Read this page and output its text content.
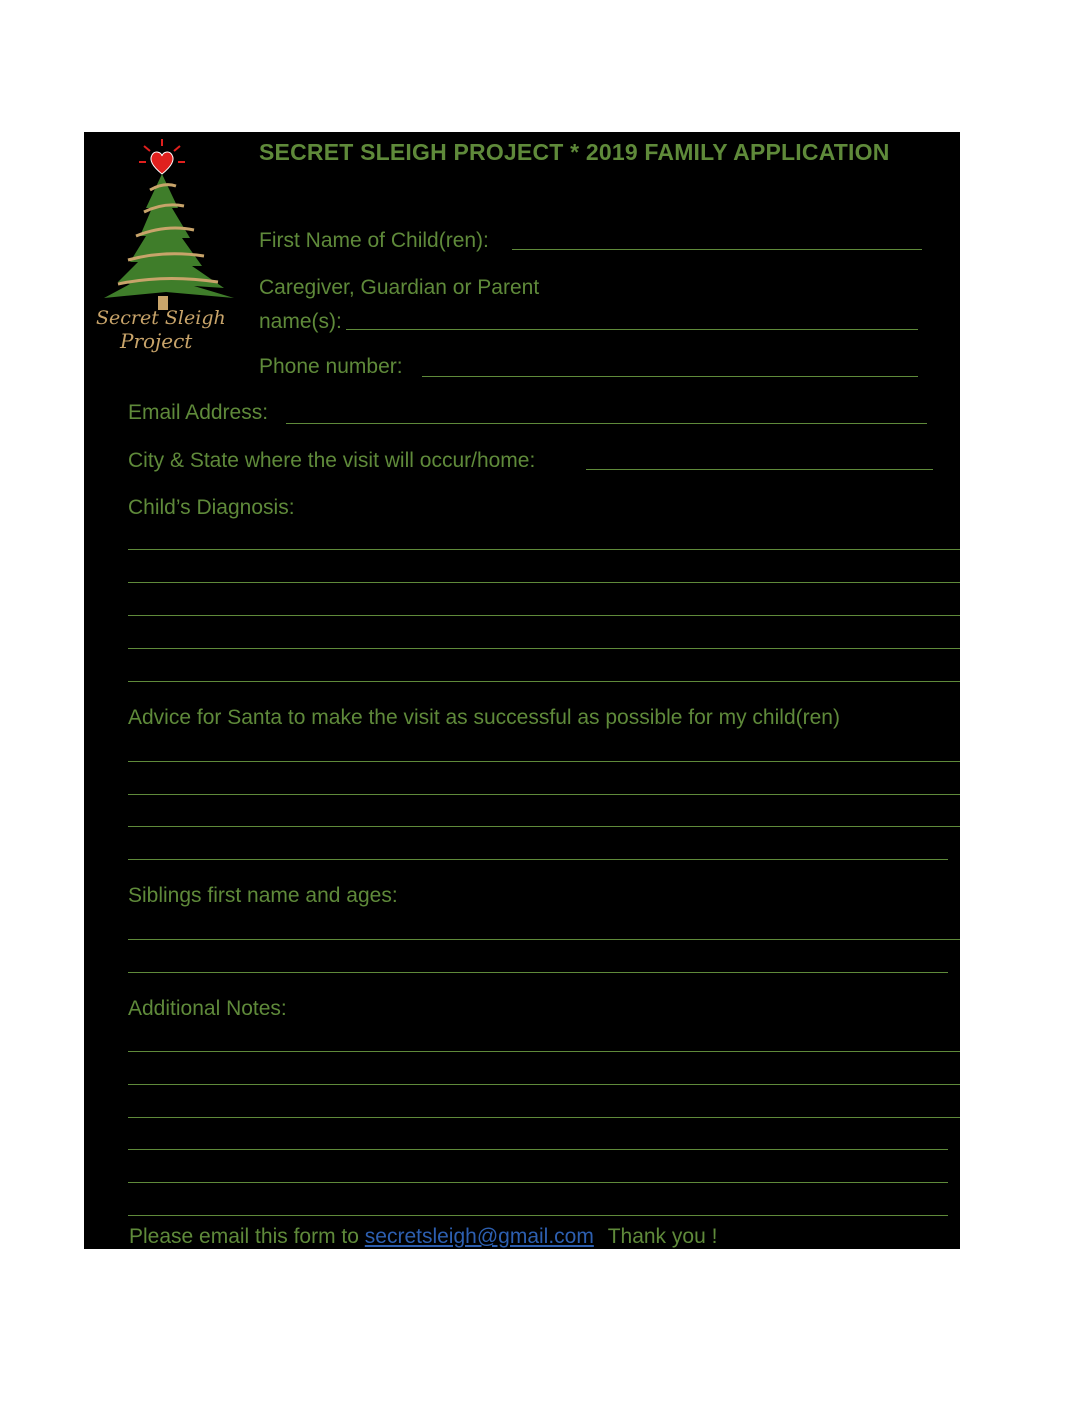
Secret Sleigh
Project
SECRET SLEIGH PROJECT * 2019 FAMILY APPLICATION
First Name of Child(ren):
Caregiver, Guardian or Parent
name(s):
Phone number:
Email Address:
City & State where the visit will occur/home:
Child’s Diagnosis:
Advice for Santa to make the visit as successful as possible for my child(ren)
Siblings first name and ages:
Additional Notes:
Please email this form to secretsleigh@gmail.com Thank you !
